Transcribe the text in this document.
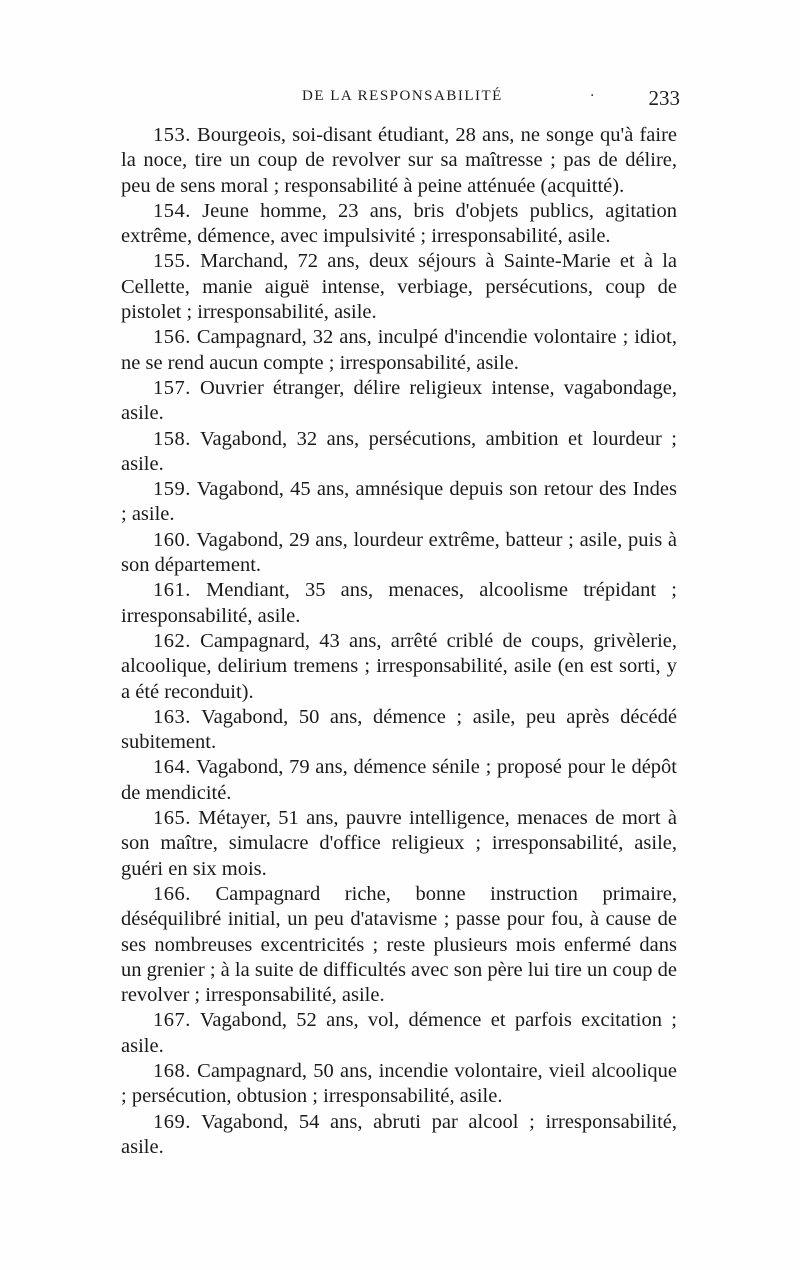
DE LA RESPONSABILITÉ	·	233

153. Bourgeois, soi-disant étudiant, 28 ans, ne songe qu'à faire la noce, tire un coup de revolver sur sa maîtresse ; pas de délire, peu de sens moral ; responsabilité à peine atténuée (acquitté).

154. Jeune homme, 23 ans, bris d'objets publics, agitation extrême, démence, avec impulsivité ; irresponsabilité, asile.

155. Marchand, 72 ans, deux séjours à Sainte-Marie et à la Cellette, manie aiguë intense, verbiage, persécutions, coup de pistolet ; irresponsabilité, asile.

156. Campagnard, 32 ans, inculpé d'incendie volontaire ; idiot, ne se rend aucun compte ; irresponsabilité, asile.

157. Ouvrier étranger, délire religieux intense, vagabondage, asile.

158. Vagabond, 32 ans, persécutions, ambition et lourdeur ; asile.

159. Vagabond, 45 ans, amnésique depuis son retour des Indes ; asile.

160. Vagabond, 29 ans, lourdeur extrême, batteur ; asile, puis à son département.

161. Mendiant, 35 ans, menaces, alcoolisme trépidant ; irresponsabilité, asile.

162. Campagnard, 43 ans, arrêté criblé de coups, grivèlerie, alcoolique, delirium tremens ; irresponsabilité, asile (en est sorti, y a été reconduit).

163. Vagabond, 50 ans, démence ; asile, peu après décédé subitement.

164. Vagabond, 79 ans, démence sénile ; proposé pour le dépôt de mendicité.

165. Métayer, 51 ans, pauvre intelligence, menaces de mort à son maître, simulacre d'office religieux ; irresponsabilité, asile, guéri en six mois.

166. Campagnard riche, bonne instruction primaire, déséquilibré initial, un peu d'atavisme ; passe pour fou, à cause de ses nombreuses excentricités ; reste plusieurs mois enfermé dans un grenier ; à la suite de difficultés avec son père lui tire un coup de revolver ; irresponsabilité, asile.

167. Vagabond, 52 ans, vol, démence et parfois excitation ; asile.

168. Campagnard, 50 ans, incendie volontaire, vieil alcoolique ; persécution, obtusion ; irresponsabilité, asile.

169. Vagabond, 54 ans, abruti par alcool ; irresponsabilité, asile.
